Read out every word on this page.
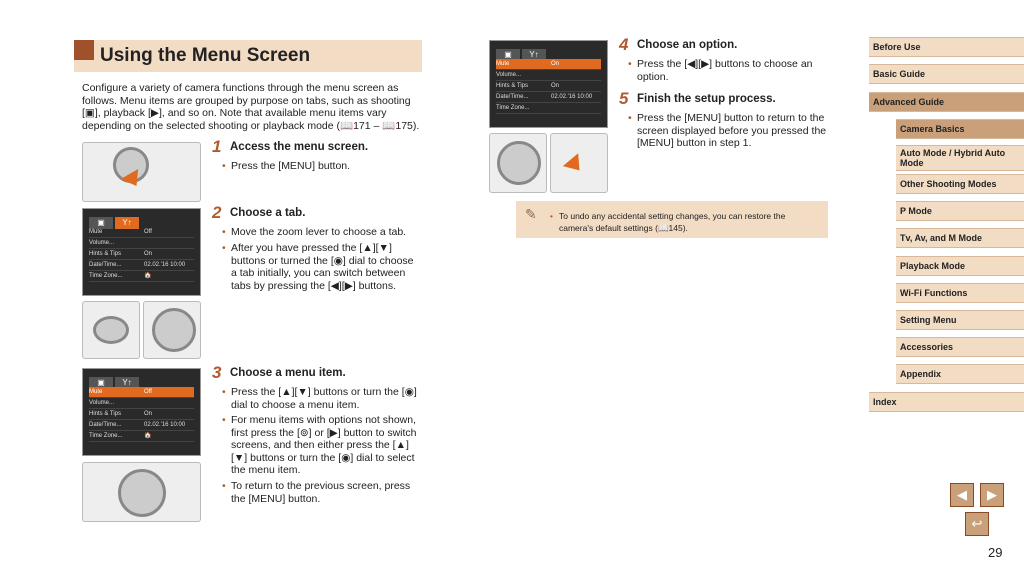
Using the Menu Screen
Configure a variety of camera functions through the menu screen as follows. Menu items are grouped by purpose on tabs, such as shooting [▣], playback [▶], and so on. Note that available menu items vary depending on the selected shooting or playback mode (📖171 – 📖175).
1 Access the menu screen.
• Press the [MENU] button.
▣ Y↑
Mute	Off
Volume...
Hints & Tips	On
Date/Time...	02.02.'16 10:00
Time Zone...	🏠
2 Choose a tab.
• Move the zoom lever to choose a tab.
• After you have pressed the [▲][▼] buttons or turned the [◉] dial to choose a tab initially, you can switch between tabs by pressing the [◀][▶] buttons.
▣ Y↑
Mute	Off
Volume...
Hints & Tips	On
Date/Time...	02.02.'16 10:00
Time Zone...	🏠
3 Choose a menu item.
• Press the [▲][▼] buttons or turn the [◉] dial to choose a menu item.
• For menu items with options not shown, first press the [⊚] or [▶] button to switch screens, and then either press the [▲][▼] buttons or turn the [◉] dial to select the menu item.
• To return to the previous screen, press the [MENU] button.
▣ Y↑
Mute	On
Volume...
Hints & Tips	On
Date/Time...	02.02.'16 10:00
Time Zone...
4 Choose an option.
• Press the [◀][▶] buttons to choose an option.
5 Finish the setup process.
• Press the [MENU] button to return to the screen displayed before you pressed the [MENU] button in step 1.
✎
•	To undo any accidental setting changes, you can restore the camera's default settings (📖145).
Before Use
Basic Guide
Advanced Guide
Camera Basics
Auto Mode / Hybrid Auto Mode
Other Shooting Modes
P Mode
Tv, Av, and M Mode
Playback Mode
Wi-Fi Functions
Setting Menu
Accessories
Appendix
Index
◀	▶
↩
29
